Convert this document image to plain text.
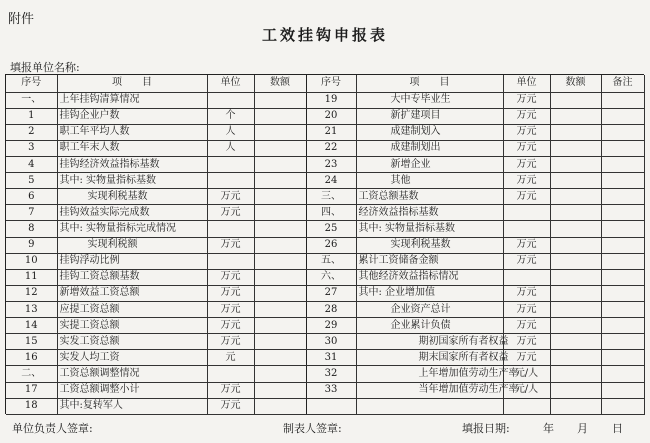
附件
工效挂钩申报表
填报单位名称:
序号	项　　目	单位	数额	序号	项　　目	单位	数额	备注
一、	上年挂钩清算情况			19	大中专毕业生	万元		
1	挂钩企业户数	个		20	新扩建项目	万元		
2	职工年平均人数	人		21	成建制划入	万元		
3	职工年末人数	人		22	成建制划出	万元		
4	挂钩经济效益指标基数			23	新增企业	万元		
5	其中: 实物量指标基数			24	其他	万元		
6	实现利税基数	万元		三、	工资总额基数	万元		
7	挂钩效益实际完成数	万元		四、	经济效益指标基数			
8	其中: 实物量指标完成情况			25	其中: 实物量指标基数			
9	实现利税额	万元		26	实现利税基数	万元		
10	挂钩浮动比例			五、	累计工资储备金额	万元		
11	挂钩工资总额基数	万元		六、	其他经济效益指标情况			
12	新增效益工资总额	万元		27	其中: 企业增加值	万元		
13	应提工资总额	万元		28	企业资产总计	万元		
14	实提工资总额	万元		29	企业累计负债	万元		
15	实发工资总额	万元		30	期初国家所有者权益	万元		
16	实发人均工资	元		31	期末国家所有者权益	万元		
二、	工资总额调整情况			32	上年增加值劳动生产率	元/人		
17	工资总额调整小计	万元		33	当年增加值劳动生产率	元/人		
18	其中:复转军人	万元						
单位负责人签章:	制表人签章:	填报日期:	年 月 日
